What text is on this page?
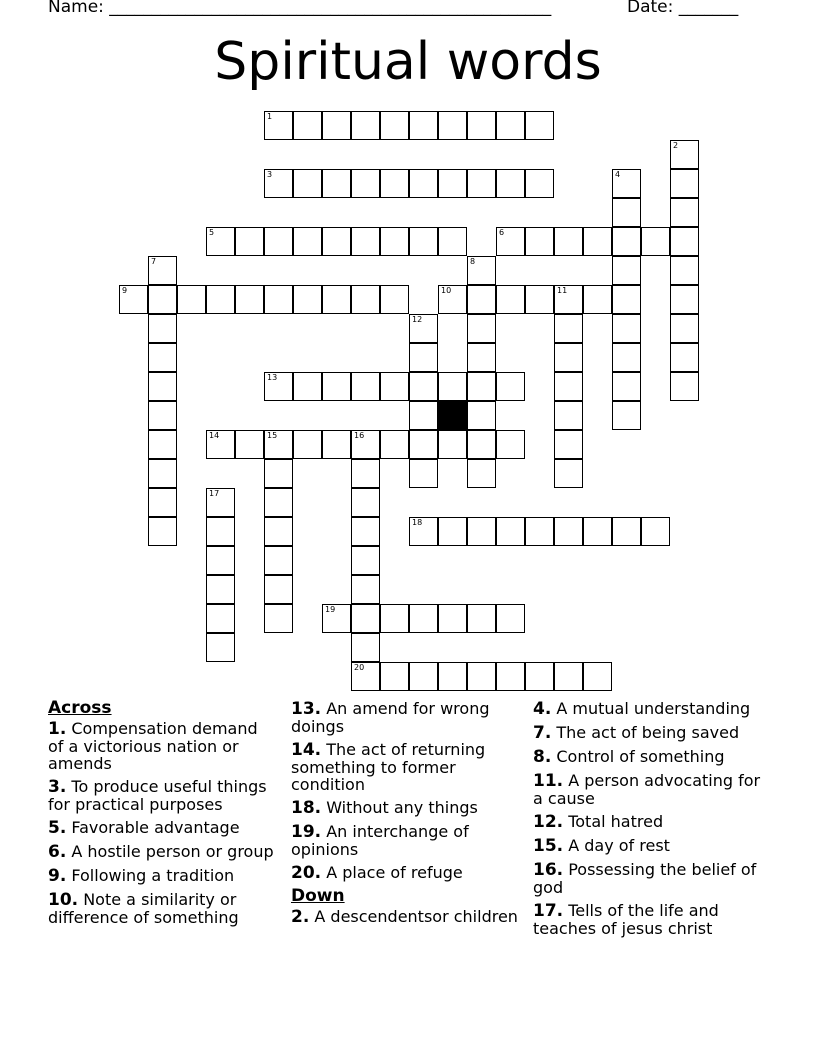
Name: ____________________________________________________	Date: _______
Spiritual words
1
2
3	4
5	6
7	8
9	10	11
12
13
14	15	16
17
18
19
20
Across
1. Compensation demand of a victorious nation or amends
3. To produce useful things for practical purposes
5. Favorable advantage
6. A hostile person or group
9. Following a tradition
10. Note a similarity or difference of something
13. An amend for wrong doings
14. The act of returning something to former condition
18. Without any things
19. An interchange of opinions
20. A place of refuge
Down
2. A descendentsor children
4. A mutual understanding
7. The act of being saved
8. Control of something
11. A person advocating for a cause
12. Total hatred
15. A day of rest
16. Possessing the belief of god
17. Tells of the life and teaches of jesus christ
